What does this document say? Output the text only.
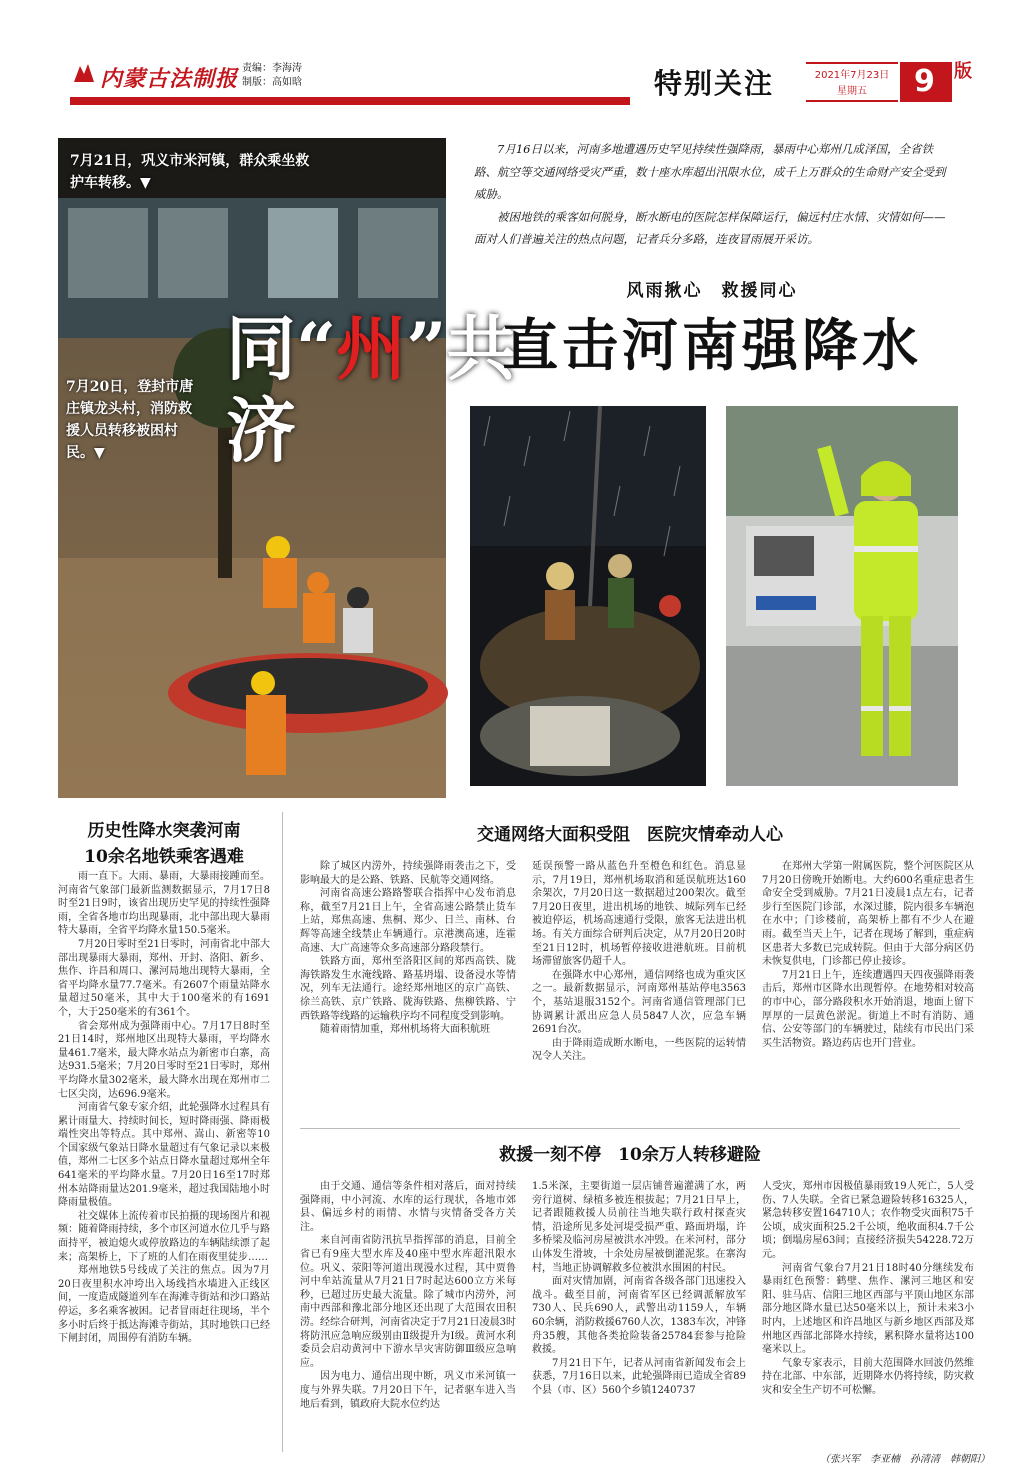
内蒙古法制报 责编：李海涛
制版：高如晗	特别关注	2021年7月23日
星期五	9	版
7月21日，巩义市米河镇，群众乘坐救护车转移。▼
7月20日，登封市唐庄镇龙头村，消防救援人员转移被困村民。▼
同“州”共济

7月16日以来，河南多地遭遇历史罕见持续性强降雨，暴雨中心郑州几成泽国，全省铁路、航空等交通网络受灾严重，数十座水库超出汛限水位，成千上万群众的生命财产安全受到威胁。

被困地铁的乘客如何脱身，断水断电的医院怎样保障运行，偏远村庄水情、灾情如何——面对人们普遍关注的热点问题，记者兵分多路，连夜冒雨展开采访。

风雨揪心　救援同心
直击河南强降水
历史性降水突袭河南
10余名地铁乘客遇难

雨一直下。大雨、暴雨，大暴雨接踵而至。河南省气象部门最新监测数据显示，7月17日8时至21日9时，该省出现历史罕见的持续性强降雨，全省各地市均出现暴雨，北中部出现大暴雨特大暴雨，全省平均降水量150.5毫米。

7月20日零时至21日零时，河南省北中部大部出现暴雨大暴雨，郑州、开封、洛阳、新乡、焦作、许昌和周口、漯河局地出现特大暴雨，全省平均降水量77.7毫米。有2607个雨量站降水量超过50毫米，其中大于100毫米的有1691个，大于250毫米的有361个。

省会郑州成为强降雨中心。7月17日8时至21日14时，郑州地区出现特大暴雨，平均降水量461.7毫米，最大降水站点为新密市白寨，高达931.5毫米；7月20日零时至21日零时，郑州平均降水量302毫米，最大降水出现在郑州市二七区尖岗，达696.9毫米。

河南省气象专家介绍，此轮强降水过程具有累计雨量大、持续时间长，短时降雨强、降雨极端性突出等特点。其中郑州、嵩山、新密等10个国家级气象站日降水量超过有气象记录以来极值，郑州二七区多个站点日降水量超过郑州全年641毫米的平均降水量。7月20日16至17时郑州本站降雨量达201.9毫米，超过我国陆地小时降雨量极值。

社交媒体上流传着市民拍摄的现场图片和视频：随着降雨持续，多个市区河道水位几乎与路面持平，被迫熄火或停放路边的车辆陆续漂了起来；高架桥上，下了班的人们在雨夜里徒步……

郑州地铁5号线成了关注的焦点。因为7月20日夜里积水冲垮出入场线挡水墙进入正线区间，一度造成隧道列车在海滩寺街站和沙口路站停运，多名乘客被困。记者冒雨赶往现场，半个多小时后终于抵达海滩寺街站，其时地铁口已经下闸封闭，周围停有消防车辆。

交通网络大面积受阻　医院灾情牵动人心

除了城区内涝外，持续强降雨袭击之下，受影响最大的是公路、铁路、民航等交通网络。

河南省高速公路路警联合指挥中心发布消息称，截至7月21日上午，全省高速公路禁止货车上站，郑焦高速、焦桐、郑少、日兰、南林、台辉等高速全线禁止车辆通行。京港澳高速，连霍高速、大广高速等众多高速部分路段禁行。

铁路方面，郑州至洛阳区间的郑西高铁、陇海铁路发生水淹线路、路基坍塌、设备浸水等情况，列车无法通行。途经郑州地区的京广高铁、徐兰高铁、京广铁路、陇海铁路、焦柳铁路、宁西铁路等线路的运输秩序均不同程度受到影响。

随着雨情加重，郑州机场将大面积航班

延误预警一路从蓝色升至橙色和红色。消息显示，7月19日，郑州机场取消和延误航班达160余架次，7月20日这一数据超过200架次。截至7月20日夜里，进出机场的地铁、城际列车已经被迫停运，机场高速通行受限，旅客无法进出机场。有关方面综合研判后决定，从7月20日20时至21日12时，机场暂停接收进港航班。目前机场滞留旅客仍超千人。

在强降水中心郑州，通信网络也成为重灾区之一。最新数据显示，河南郑州基站停电3563个，基站退服3152个。河南省通信管理部门已协调累计派出应急人员5847人次，应急车辆2691台次。

由于降雨造成断水断电，一些医院的运转情况令人关注。

在郑州大学第一附属医院，整个河医院区从7月20日傍晚开始断电。大约600名重症患者生命安全受到威胁。7月21日凌晨1点左右，记者步行至医院门诊部，水深过膝，院内很多车辆泡在水中；门诊楼前，高架桥上都有不少人在避雨。截至当天上午，记者在现场了解到，重症病区患者大多数已完成转院。但由于大部分病区仍未恢复供电，门诊都已停止接诊。

7月21日上午，连续遭遇四天四夜强降雨袭击后，郑州市区降水出现暂停。在地势相对较高的市中心，部分路段积水开始消退，地面上留下厚厚的一层黄色淤泥。街道上不时有消防、通信、公安等部门的车辆驶过，陆续有市民出门采买生活物资。路边药店也开门营业。

救援一刻不停　10余万人转移避险

由于交通、通信等条件相对落后，面对持续强降雨，中小河流、水库的运行现状，各地市郊县、偏远乡村的雨情、水情与灾情备受各方关注。

来自河南省防汛抗旱指挥部的消息，目前全省已有9座大型水库及40座中型水库超汛限水位。巩义、荥阳等河道出现漫水过程，其中贾鲁河中牟站流量从7月21日7时起达600立方米每秒，已超过历史最大流量。除了城市内涝外，河南中西部和豫北部分地区还出现了大范围农田积涝。经综合研判，河南省决定于7月21日凌晨3时将防汛应急响应级别由Ⅱ级提升为Ⅰ级。黄河水利委员会启动黄河中下游水旱灾害防御Ⅲ级应急响应。

因为电力、通信出现中断，巩义市米河镇一度与外界失联。7月20日下午，记者驱车进入当地后看到，镇政府大院水位约达

1.5米深，主要街道一层店铺普遍灌满了水，两旁行道树、绿植多被连根拔起；7月21日早上，记者跟随救援人员前往当地失联行政村探查灾情，沿途所见多处河堤受损严重、路面坍塌，许多桥梁及临河房屋被洪水冲毁。在米河村，部分山体发生滑坡，十余处房屋被倒灌泥浆。在寨沟村，当地正协调解救多位被洪水围困的村民。

面对灾情加剧，河南省各级各部门迅速投入战斗。截至目前，河南省军区已经调派解放军730人、民兵690人，武警出动1159人，车辆60余辆，消防救援6760人次，1383车次，冲锋舟35艘，其他各类抢险装备25784套参与抢险救援。

7月21日下午，记者从河南省新闻发布会上获悉，7月16日以来，此轮强降雨已造成全省89个县（市、区）560个乡镇1240737

人受灾，郑州市因极值暴雨致19人死亡，5人受伤、7人失联。全省已紧急避险转移16325人，紧急转移安置164710人；农作物受灾面积75千公顷，成灾面积25.2千公顷，绝收面积4.7千公顷；倒塌房屋63间；直接经济损失54228.72万元。

河南省气象台7月21日18时40分继续发布暴雨红色预警：鹤壁、焦作、漯河三地区和安阳、驻马店、信阳三地区西部与平顶山地区东部部分地区降水量已达50毫米以上，预计未来3小时内，上述地区和许昌地区与新乡地区西部及郑州地区西部北部降水持续，累积降水量将达100毫米以上。

气象专家表示，目前大范围降水回波仍然维持在北部、中东部，近期降水仍将持续，防灾救灾和安全生产切不可松懈。

（张兴军　李亚楠　孙清清　韩朝阳）
